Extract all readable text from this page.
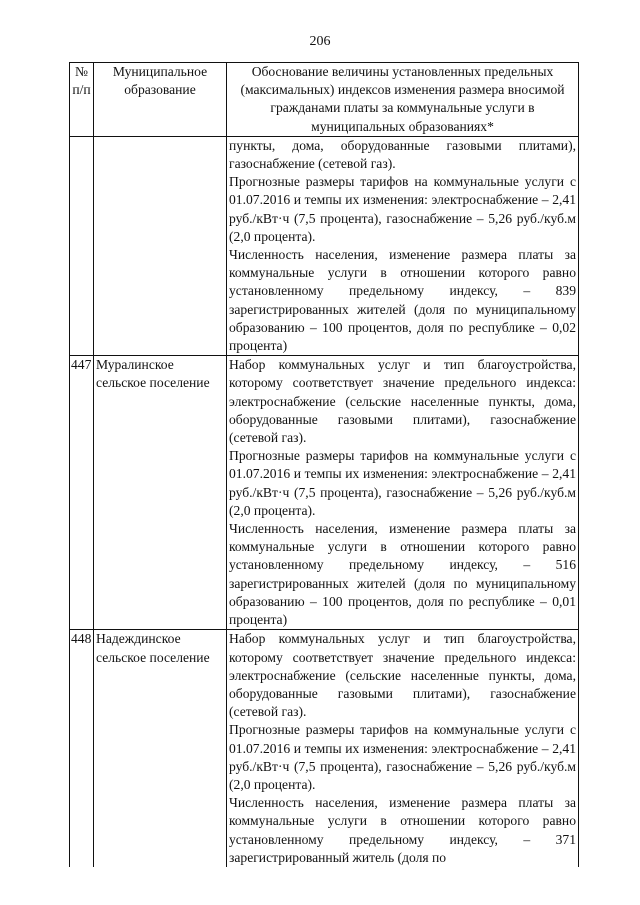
206
№ п/п	Муниципальное образование	Обоснование величины установленных предельных (максимальных) индексов изменения размера вносимой гражданами платы за коммунальные услуги в муниципальных образованиях*

		пункты, дома, оборудованные газовыми плитами), газоснабжение (сетевой газ).
Прогнозные размеры тарифов на коммунальные услуги с 01.07.2016 и темпы их изменения: электроснабжение – 2,41 руб./кВт·ч (7,5 процента), газоснабжение – 5,26 руб./куб.м (2,0 процента).
Численность населения, изменение размера платы за коммунальные услуги в отношении которого равно установленному предельному индексу, – 839 зарегистрированных жителей (доля по муниципальному образованию – 100 процентов, доля по республике – 0,02 процента)

447	Муралинское сельское поселение	Набор коммунальных услуг и тип благоустройства, которому соответствует значение предельного индекса: электроснабжение (сельские населенные пункты, дома, оборудованные газовыми плитами), газоснабжение (сетевой газ).
Прогнозные размеры тарифов на коммунальные услуги с 01.07.2016 и темпы их изменения: электроснабжение – 2,41 руб./кВт·ч (7,5 процента), газоснабжение – 5,26 руб./куб.м (2,0 процента).
Численность населения, изменение размера платы за коммунальные услуги в отношении которого равно установленному предельному индексу, – 516 зарегистрированных жителей (доля по муниципальному образованию – 100 процентов, доля по республике – 0,01 процента)

448	Надеждинское сельское поселение	Набор коммунальных услуг и тип благоустройства, которому соответствует значение предельного индекса: электроснабжение (сельские населенные пункты, дома, оборудованные газовыми плитами), газоснабжение (сетевой газ).
Прогнозные размеры тарифов на коммунальные услуги с 01.07.2016 и темпы их изменения: электроснабжение – 2,41 руб./кВт·ч (7,5 процента), газоснабжение – 5,26 руб./куб.м (2,0 процента).
Численность населения, изменение размера платы за коммунальные услуги в отношении которого равно установленному предельному индексу, – 371 зарегистрированный житель (доля по
